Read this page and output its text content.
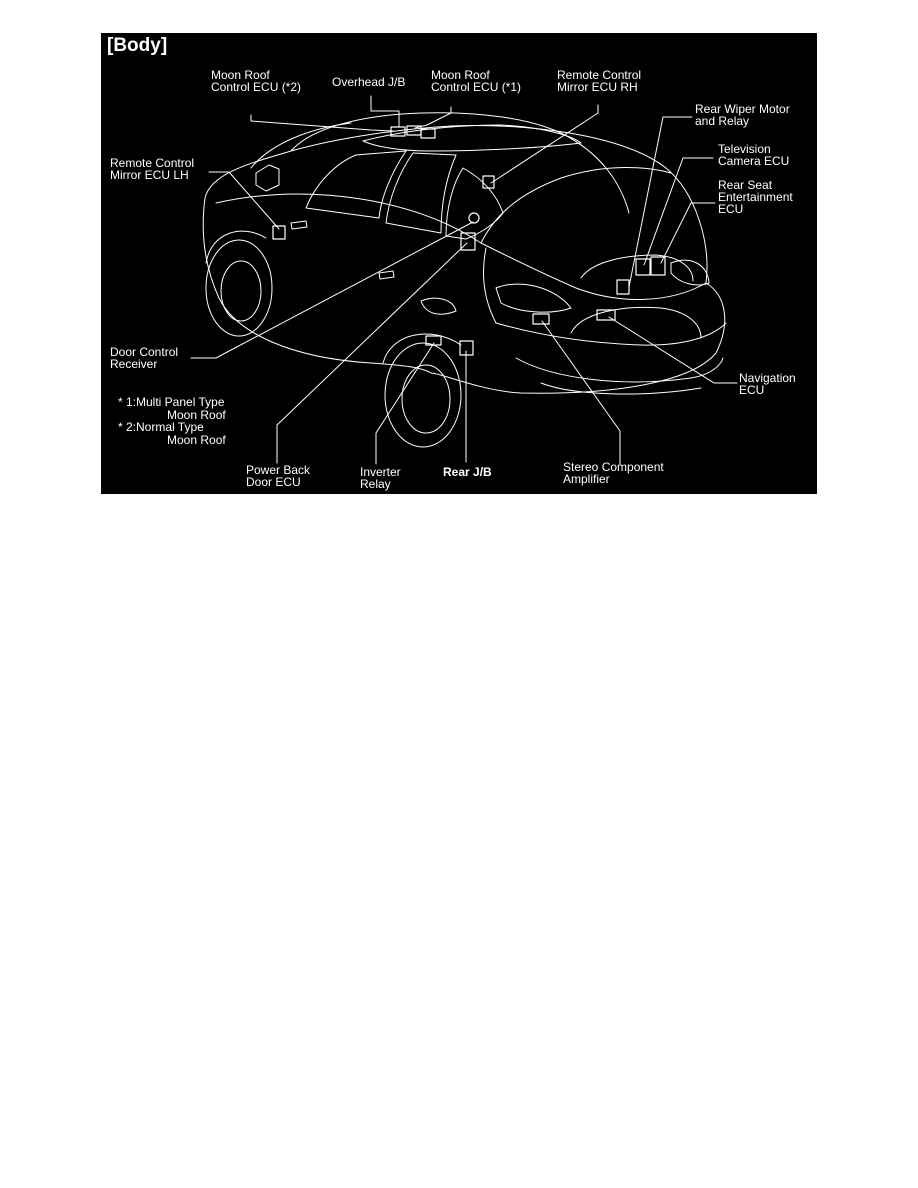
[Body]
Moon Roof
Control ECU (*2)	Overhead J/B Moon Roof
Control ECU (*1)
Remote Control
Mirror ECU RH
Rear Wiper Motor
and Relay
Television
Camera ECU
Rear Seat
Entertainment
ECU
Remote Control
Mirror ECU LH
Door Control
Receiver
Navigation
ECU
Power Back
Door ECU
Inverter
Relay
Rear J/B	Stereo Component
Amplifier
* 1:Multi Panel Type
Moon Roof
* 2:Normal Type
Moon Roof
